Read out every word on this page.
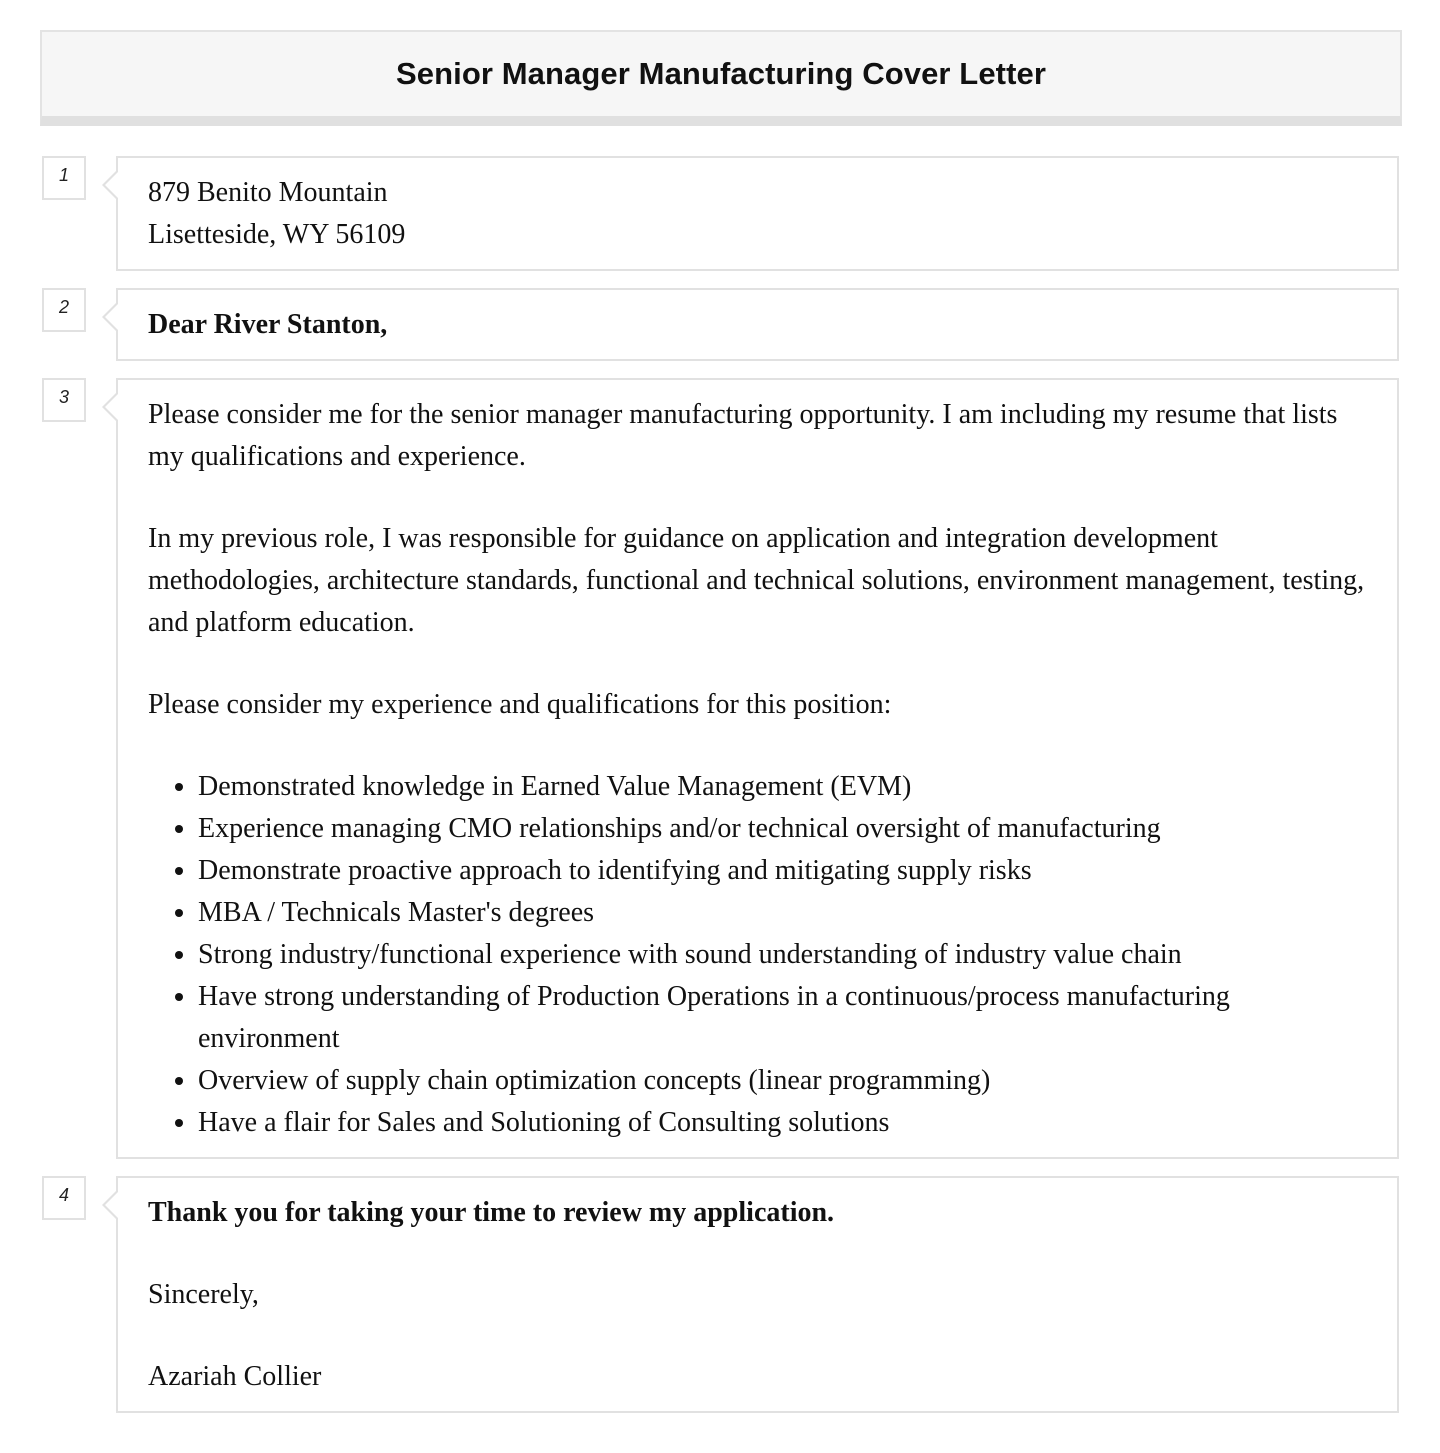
Senior Manager Manufacturing Cover Letter
1
879 Benito Mountain
Lisetteside, WY 56109
2
Dear River Stanton,
3

Please consider me for the senior manager manufacturing opportunity. I am including my resume that lists my qualifications and experience.

In my previous role, I was responsible for guidance on application and integration development methodologies, architecture standards, functional and technical solutions, environment management, testing, and platform education.

Please consider my experience and qualifications for this position:

• Demonstrated knowledge in Earned Value Management (EVM)
• Experience managing CMO relationships and/or technical oversight of manufacturing
• Demonstrate proactive approach to identifying and mitigating supply risks
• MBA / Technicals Master's degrees
• Strong industry/functional experience with sound understanding of industry value chain
• Have strong understanding of Production Operations in a continuous/process manufacturing environment
• Overview of supply chain optimization concepts (linear programming)
• Have a flair for Sales and Solutioning of Consulting solutions
4

Thank you for taking your time to review my application.

Sincerely,

Azariah Collier
